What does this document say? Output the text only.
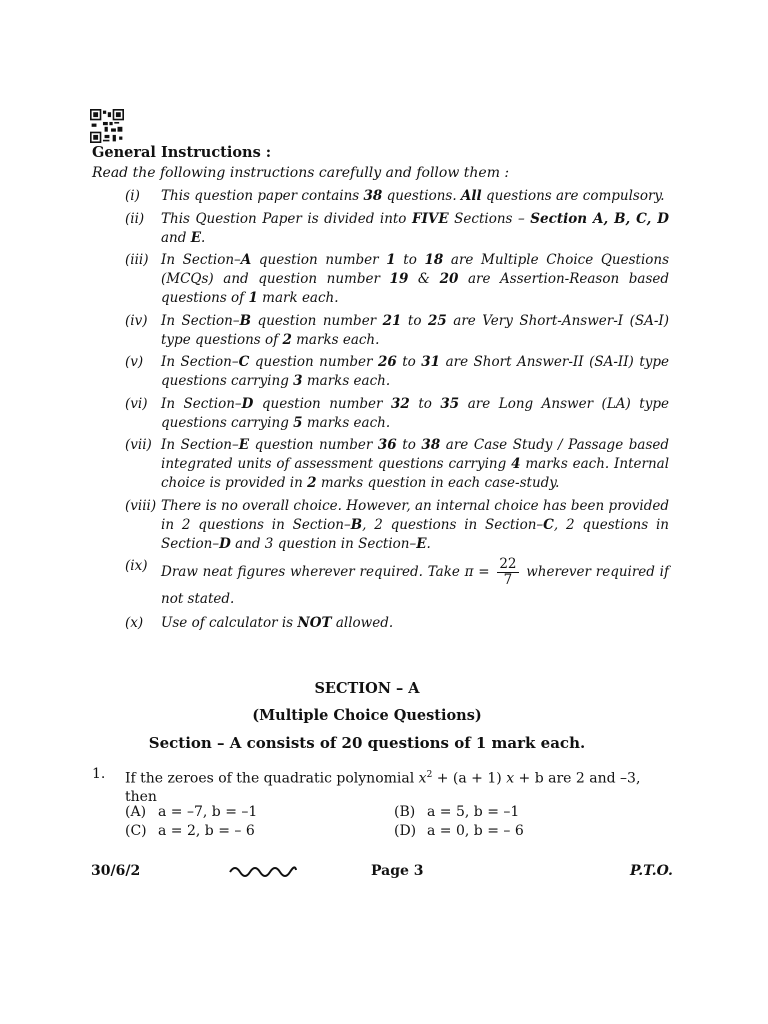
General Instructions :
Read the following instructions carefully and follow them :
(i)	This question paper contains 38 questions. All questions are compulsory.
(ii)	This Question Paper is divided into FIVE Sections – Section A, B, C, D and E.
(iii) In Section–A question number 1 to 18 are Multiple Choice Questions (MCQs) and question number 19 & 20 are Assertion-Reason based questions of 1 mark each.
(iv)	In Section–B question number 21 to 25 are Very Short-Answer-I (SA-I) type questions of 2 marks each.
(v)	In Section–C question number 26 to 31 are Short Answer-II (SA-II) type questions carrying 3 marks each.
(vi)	In Section–D question number 32 to 35 are Long Answer (LA) type questions carrying 5 marks each.
(vii) In Section–E question number 36 to 38 are Case Study / Passage based integrated units of assessment questions carrying 4 marks each. Internal choice is provided in 2 marks question in each case-study.
(viii) There is no overall choice. However, an internal choice has been provided in 2 questions in Section–B, 2 questions in Section–C, 2 questions in Section–D and 3 question in Section–E.
(ix)	Draw neat figures wherever required. Take $\pi = \frac{22}{7}$ wherever required if not stated.
(x)	Use of calculator is NOT allowed.
SECTION – A
(Multiple Choice Questions)
Section – A consists of 20 questions of 1 mark each.
1. If the zeroes of the quadratic polynomial $x^2 + (a + 1) x + b$ are 2 and –3, then
(A) a = –7, b = –1	(B) a = 5, b = –1
(C) a = 2, b = – 6	(D) a = 0, b = – 6
30/6/2	Page 3	P.T.O.
